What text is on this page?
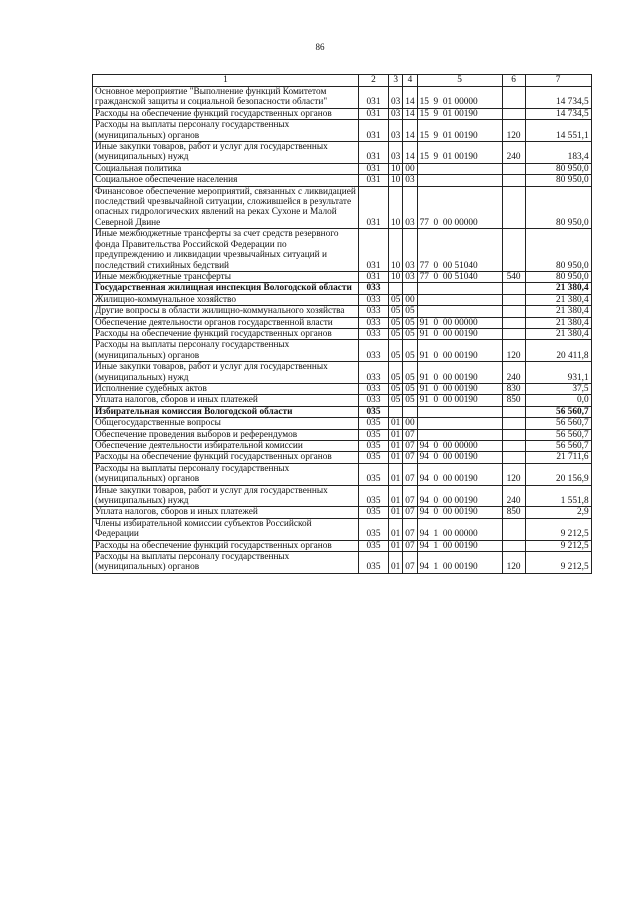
86
1	2	3	4	5	6	7
Основное мероприятие "Выполнение функций Комитетом гражданской защиты и социальной безопасности области"	031	03	14	15  9  01 00000		14 734,5
Расходы на обеспечение функций государственных органов	031	03	14	15  9  01 00190		14 734,5
Расходы на выплаты персоналу государственных (муниципальных) органов	031	03	14	15  9  01 00190	120	14 551,1
Иные закупки товаров, работ и услуг для государственных (муниципальных) нужд	031	03	14	15  9  01 00190	240	183,4
Социальная политика	031	10	00			80 950,0
Социальное обеспечение населения	031	10	03			80 950,0
Финансовое обеспечение мероприятий, связанных с ликвидацией последствий чрезвычайной ситуации, сложившейся в результате опасных гидрологических явлений на реках Сухоне и Малой Северной Двине	031	10	03	77  0  00 00000		80 950,0
Иные межбюджетные трансферты за счет средств резервного фонда Правительства Российской Федерации по предупреждению и ликвидации чрезвычайных ситуаций и последствий стихийных бедствий	031	10	03	77  0  00 51040		80 950,0
Иные межбюджетные трансферты	031	10	03	77  0  00 51040	540	80 950,0
Государственная жилищная инспекция Вологодской области	033					21 380,4
Жилищно-коммунальное хозяйство	033	05	00			21 380,4
Другие вопросы в области жилищно-коммунального хозяйства	033	05	05			21 380,4
Обеспечение деятельности органов государственной власти	033	05	05	91  0  00 00000		21 380,4
Расходы на обеспечение функций государственных органов	033	05	05	91  0  00 00190		21 380,4
Расходы на выплаты персоналу государственных (муниципальных) органов	033	05	05	91  0  00 00190	120	20 411,8
Иные закупки товаров, работ и услуг для государственных (муниципальных) нужд	033	05	05	91  0  00 00190	240	931,1
Исполнение судебных актов	033	05	05	91  0  00 00190	830	37,5
Уплата налогов, сборов и иных платежей	033	05	05	91  0  00 00190	850	0,0
Избирательная комиссия Вологодской области	035					56 560,7
Общегосударственные вопросы	035	01	00			56 560,7
Обеспечение проведения выборов и референдумов	035	01	07			56 560,7
Обеспечение деятельности избирательной комиссии	035	01	07	94  0  00 00000		56 560,7
Расходы на обеспечение функций государственных органов	035	01	07	94  0  00 00190		21 711,6
Расходы на выплаты персоналу государственных (муниципальных) органов	035	01	07	94  0  00 00190	120	20 156,9
Иные закупки товаров, работ и услуг для государственных (муниципальных) нужд	035	01	07	94  0  00 00190	240	1 551,8
Уплата налогов, сборов и иных платежей	035	01	07	94  0  00 00190	850	2,9
Члены избирательной комиссии субъектов Российской Федерации	035	01	07	94  1  00 00000		9 212,5
Расходы на обеспечение функций государственных органов	035	01	07	94  1  00 00190		9 212,5
Расходы на выплаты персоналу государственных (муниципальных) органов	035	01	07	94  1  00 00190	120	9 212,5
